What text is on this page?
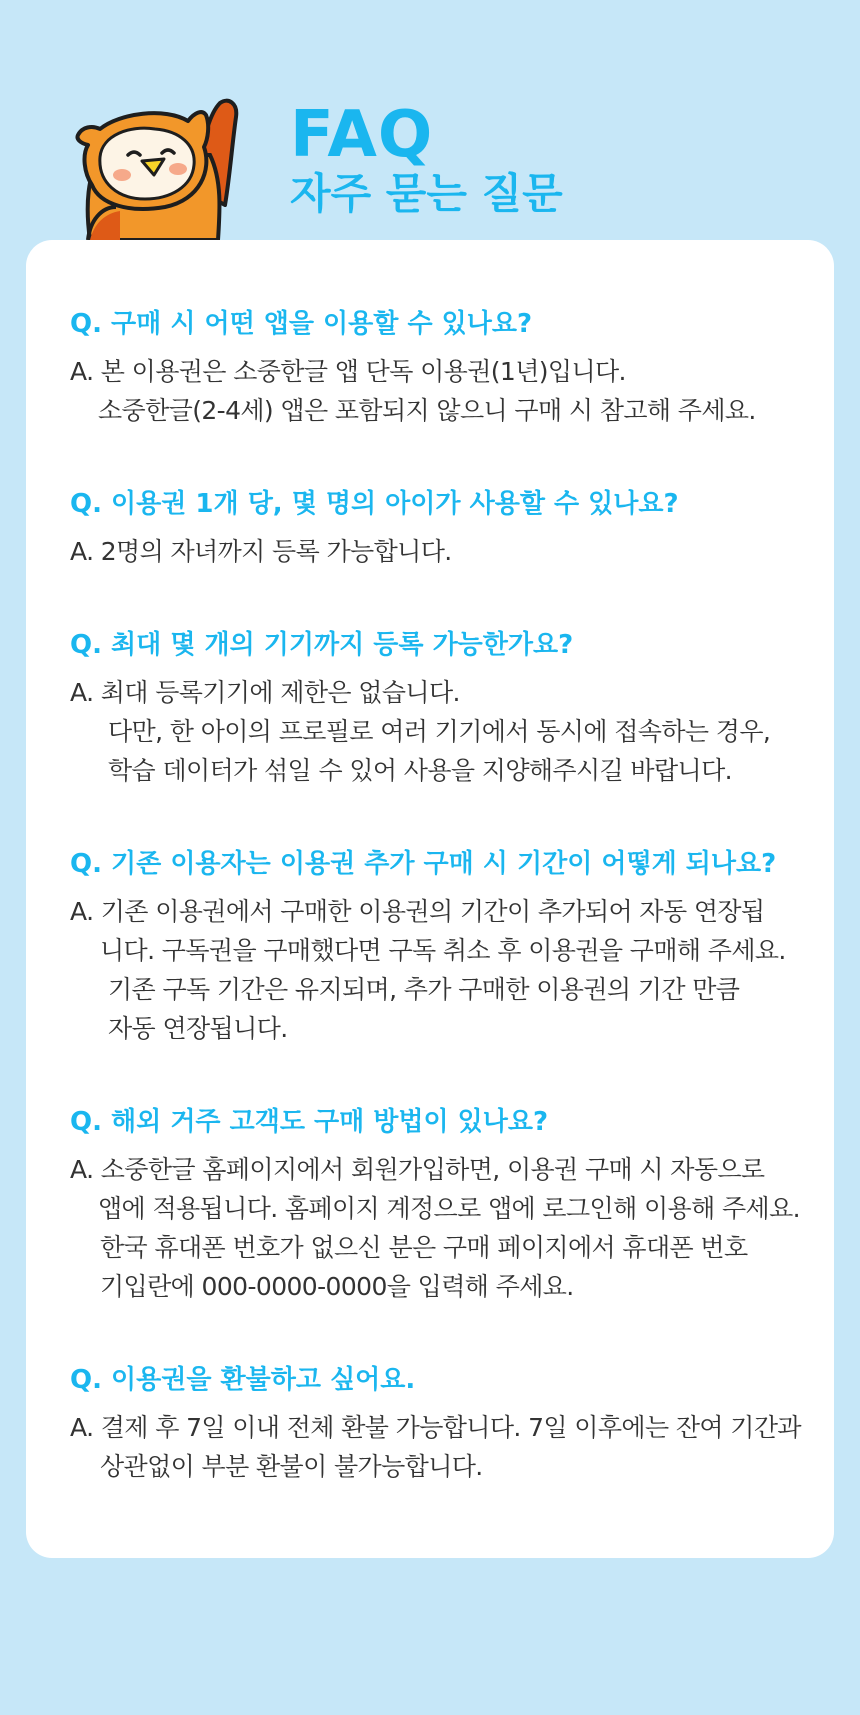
FAQ
자주 묻는 질문
Q. 구매 시 어떤 앱을 이용할 수 있나요?
A. 본 이용권은 소중한글 앱 단독 이용권(1년)입니다.
소중한글(2-4세) 앱은 포함되지 않으니 구매 시 참고해 주세요.
Q. 이용권 1개 당, 몇 명의 아이가 사용할 수 있나요?
A. 2명의 자녀까지 등록 가능합니다.
Q. 최대 몇 개의 기기까지 등록 가능한가요?
A. 최대 등록기기에 제한은 없습니다.
다만, 한 아이의 프로필로 여러 기기에서 동시에 접속하는 경우,
학습 데이터가 섞일 수 있어 사용을 지양해주시길 바랍니다.
Q. 기존 이용자는 이용권 추가 구매 시 기간이 어떻게 되나요?
A. 기존 이용권에서 구매한 이용권의 기간이 추가되어 자동 연장됩
니다. 구독권을 구매했다면 구독 취소 후 이용권을 구매해 주세요.
기존 구독 기간은 유지되며, 추가 구매한 이용권의 기간 만큼
자동 연장됩니다.
Q. 해외 거주 고객도 구매 방법이 있나요?
A. 소중한글 홈페이지에서 회원가입하면, 이용권 구매 시 자동으로
앱에 적용됩니다. 홈페이지 계정으로 앱에 로그인해 이용해 주세요.
한국 휴대폰 번호가 없으신 분은 구매 페이지에서 휴대폰 번호
기입란에 000-0000-0000을 입력해 주세요.
Q. 이용권을 환불하고 싶어요.
A. 결제 후 7일 이내 전체 환불 가능합니다. 7일 이후에는 잔여 기간과
상관없이 부분 환불이 불가능합니다.
